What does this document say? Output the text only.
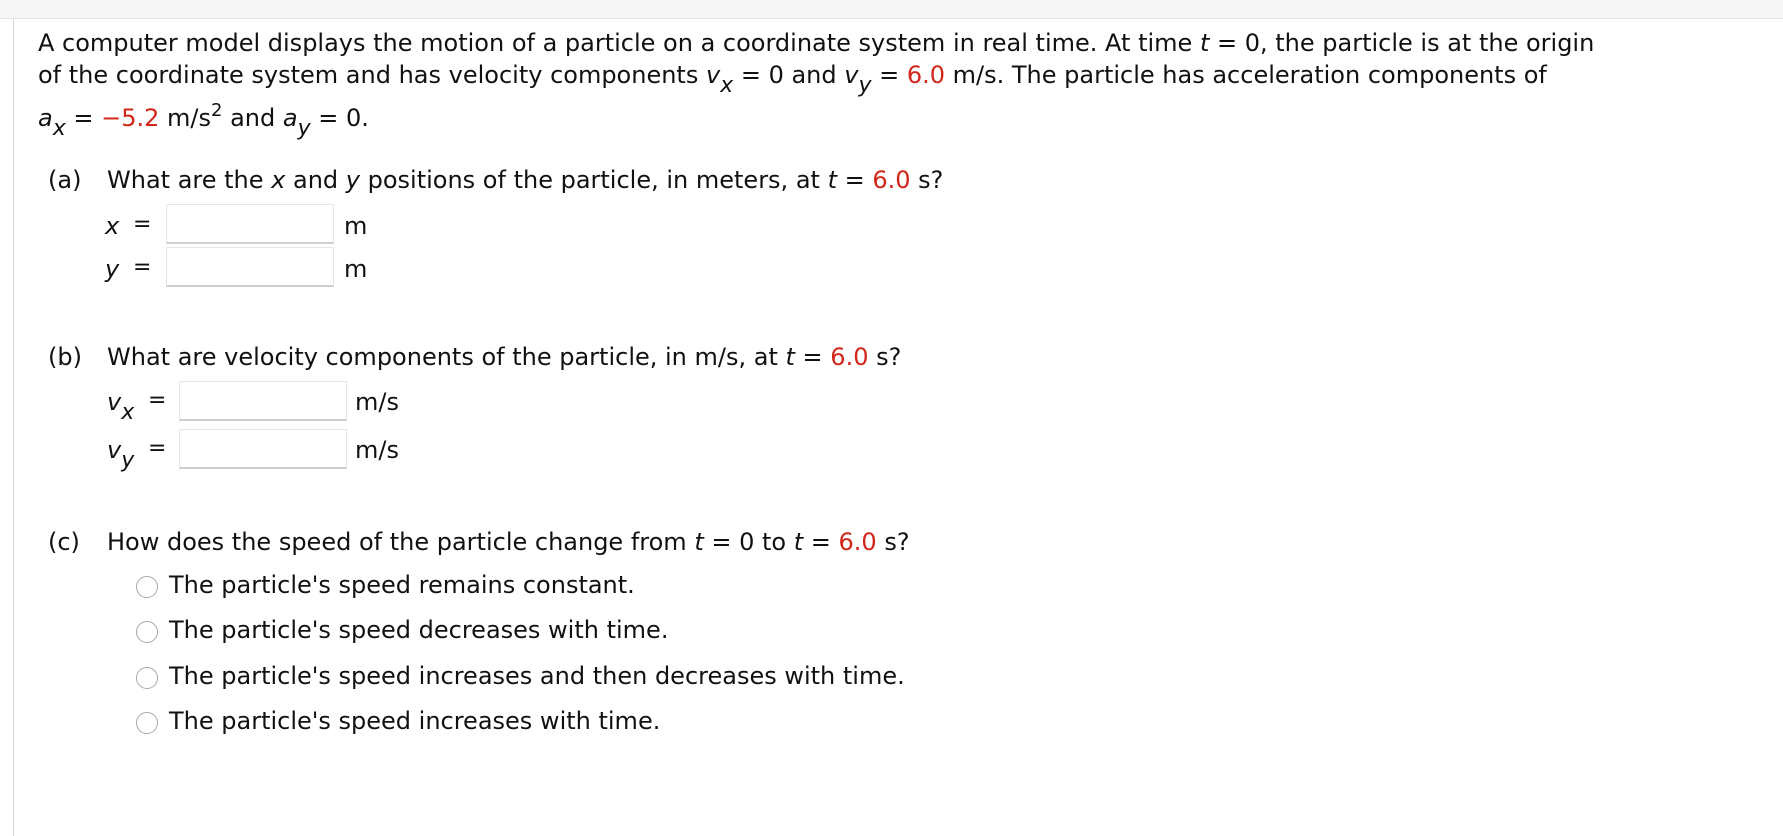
A computer model displays the motion of a particle on a coordinate system in real time. At time t = 0, the particle is at the origin
of the coordinate system and has velocity components vx = 0 and vy = 6.0 m/s. The particle has acceleration components of
ax = −5.2 $m/s^2$ and ay = 0.
(a) What are the x and y positions of the particle, in meters, at t = 6.0 s?
x =	m
y =	m
(b) What are velocity components of the particle, in m/s, at t = 6.0 s?
vx =	m/s
vy =	m/s
(c) How does the speed of the particle change from t = 0 to t = 6.0 s?
The particle's speed remains constant.
The particle's speed decreases with time.
The particle's speed increases and then decreases with time.
The particle's speed increases with time.
